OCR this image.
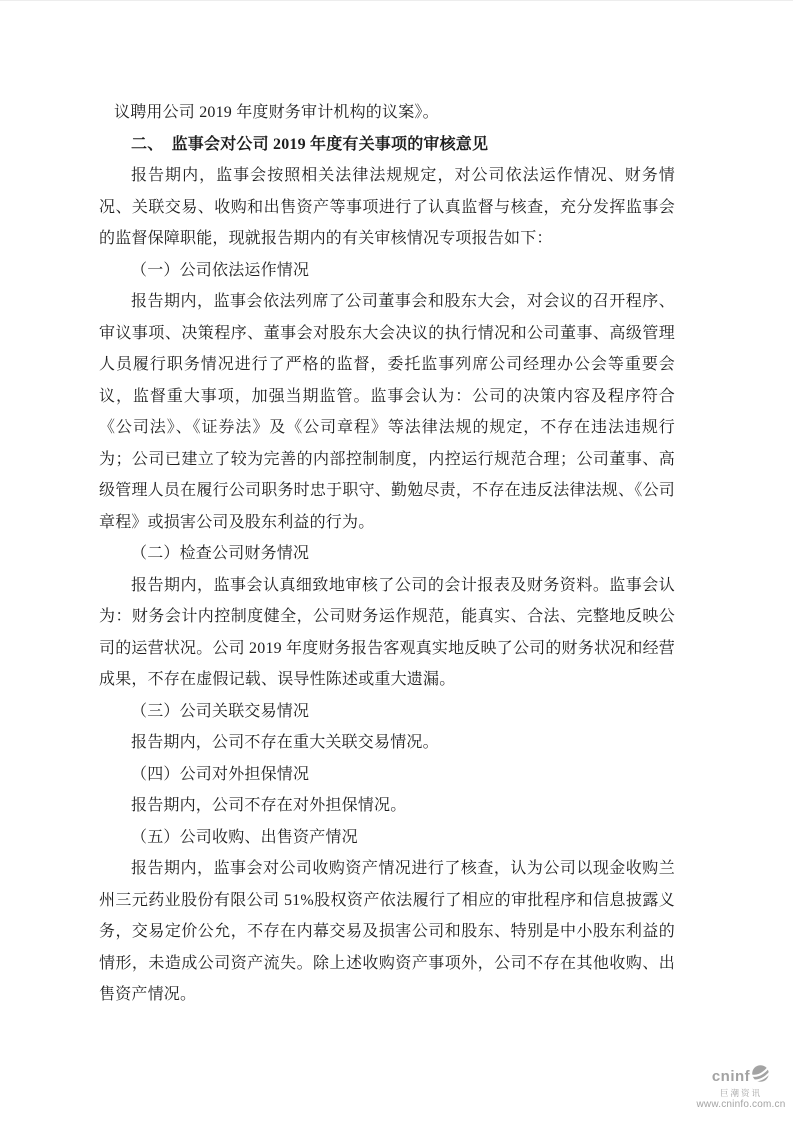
议聘用公司 2019 年度财务审计机构的议案》。

二、　监事会对公司 2019 年度有关事项的审核意见

报告期内，监事会按照相关法律法规规定，对公司依法运作情况、财务情况、关联交易、收购和出售资产等事项进行了认真监督与核查，充分发挥监事会的监督保障职能，现就报告期内的有关审核情况专项报告如下：

（一）公司依法运作情况

报告期内，监事会依法列席了公司董事会和股东大会，对会议的召开程序、审议事项、决策程序、董事会对股东大会决议的执行情况和公司董事、高级管理人员履行职务情况进行了严格的监督，委托监事列席公司经理办公会等重要会议，监督重大事项，加强当期监管。监事会认为：公司的决策内容及程序符合《公司法》、《证券法》及《公司章程》等法律法规的规定，不存在违法违规行为；公司已建立了较为完善的内部控制制度，内控运行规范合理；公司董事、高级管理人员在履行公司职务时忠于职守、勤勉尽责，不存在违反法律法规、《公司章程》或损害公司及股东利益的行为。

（二）检查公司财务情况

报告期内，监事会认真细致地审核了公司的会计报表及财务资料。监事会认为：财务会计内控制度健全，公司财务运作规范，能真实、合法、完整地反映公司的运营状况。公司 2019 年度财务报告客观真实地反映了公司的财务状况和经营成果，不存在虚假记载、误导性陈述或重大遗漏。

（三）公司关联交易情况

报告期内，公司不存在重大关联交易情况。

（四）公司对外担保情况

报告期内，公司不存在对外担保情况。

（五）公司收购、出售资产情况

报告期内，监事会对公司收购资产情况进行了核查，认为公司以现金收购兰州三元药业股份有限公司 51%股权资产依法履行了相应的审批程序和信息披露义务，交易定价公允，不存在内幕交易及损害公司和股东、特别是中小股东利益的情形，未造成公司资产流失。除上述收购资产事项外，公司不存在其他收购、出售资产情况。

cninf
巨潮资讯
www.cninfo.com.cn
